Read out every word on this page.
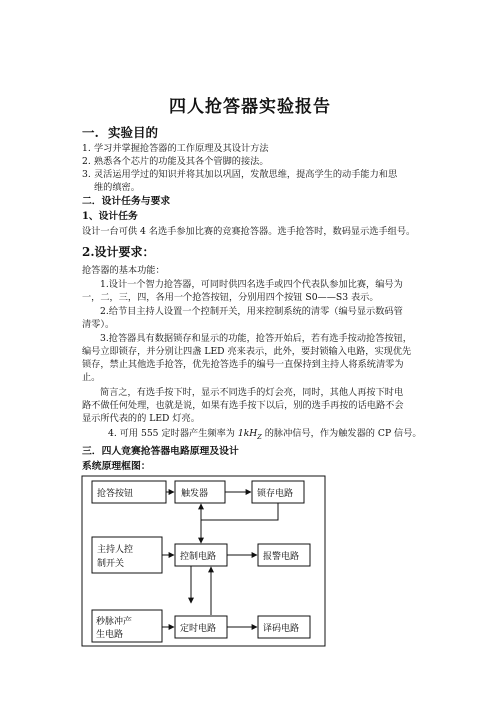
四人抢答器实验报告
一. 实验目的
1. 学习并掌握抢答器的工作原理及其设计方法
2. 熟悉各个芯片的功能及其各个管脚的接法。
3. 灵活运用学过的知识并将其加以巩固，发散思维，提高学生的动手能力和思
维的缜密。
二．设计任务与要求
1、设计任务
设计一台可供 4 名选手参加比赛的竞赛抢答器。选手抢答时，数码显示选手组号。
2.设计要求：
抢答器的基本功能：
1.设计一个智力抢答器，可同时供四名选手或四个代表队参加比赛，编号为
一，二，三，四，各用一个抢答按钮，分别用四个按钮 S0——S3 表示。
2.给节目主持人设置一个控制开关，用来控制系统的清零（编号显示数码管
清零）。
3.抢答器具有数据锁存和显示的功能，抢答开始后，若有选手按动抢答按钮，
编号立即锁存，并分别让四盏 LED 亮来表示，此外，要封锁输入电路，实现优先
锁存，禁止其他选手抢答，优先抢答选手的编号一直保持到主持人将系统清零为
止。
简言之，有选手按下时，显示不同选手的灯会亮，同时，其他人再按下时电
路不做任何处理，也就是说，如果有选手按下以后，别的选手再按的话电路不会
显示所代表的的 LED 灯亮。
4. 可用 555 定时器产生频率为 $1kH_Z$ 的脉冲信号，作为触发器的 CP 信号。
三．四人竞赛抢答器电路原理及设计
系统原理框图：
抢答按钮	触发器	锁存电路
主持人控
制开关
控制电路	报警电路
秒脉冲产
生电路
定时电路	译码电路
